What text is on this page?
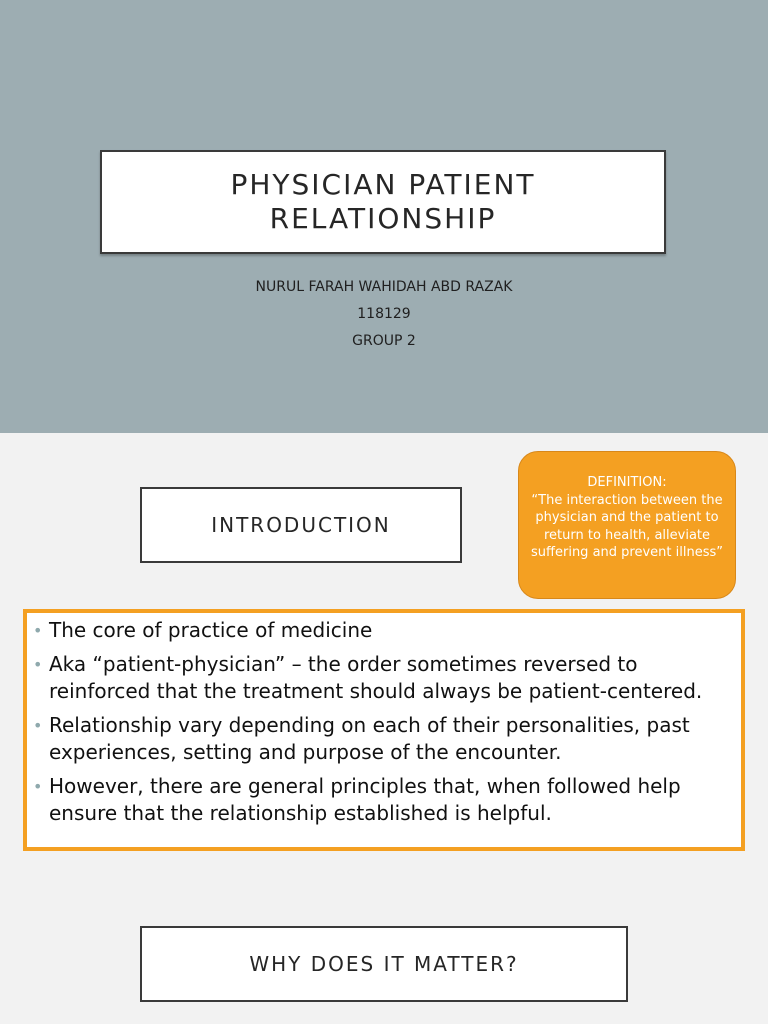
PHYSICIAN PATIENT
RELATIONSHIP
NURUL FARAH WAHIDAH ABD RAZAK
118129
GROUP 2
INTRODUCTION
DEFINITION:
“The interaction between the physician and the patient to return to health, alleviate suffering and prevent illness”
• The core of practice of medicine
• Aka “patient-physician” – the order sometimes reversed to reinforced that the treatment should always be patient-centered.
• Relationship vary depending on each of their personalities, past experiences, setting and purpose of the encounter.
• However, there are general principles that, when followed help ensure that the relationship established is helpful.
WHY DOES IT MATTER?
